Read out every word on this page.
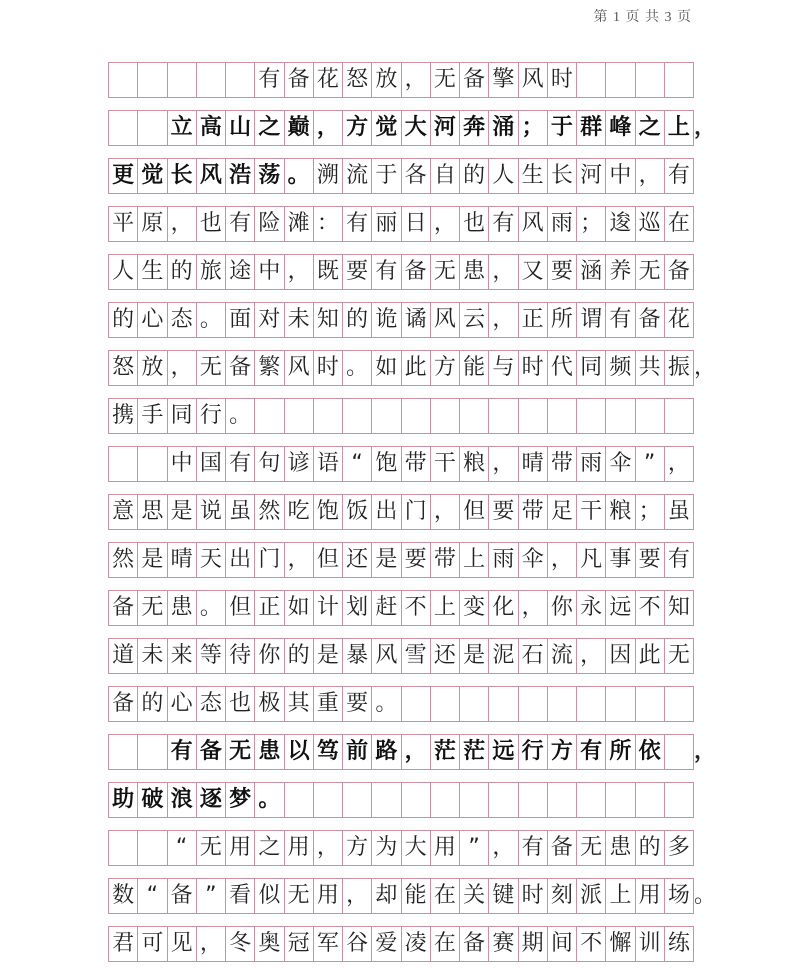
第 1 页 共 3 页
有 备 花 怒 放 ， 无 备 擎 风 时
立 高 山 之 巅 ， 方 觉 大 河 奔 涌 ； 于 群 峰 之 上 ，
更 觉 长 风 浩 荡 。 溯 流 于 各 自 的 人 生 长 河 中 ， 有
平 原 ， 也 有 险 滩 ： 有 丽 日 ， 也 有 风 雨 ； 逡 巡 在
人 生 的 旅 途 中 ， 既 要 有 备 无 患 ， 又 要 涵 养 无 备
的 心 态 。 面 对 未 知 的 诡 谲 风 云 ， 正 所 谓 有 备 花
怒 放 ， 无 备 繁 风 时 。 如 此 方 能 与 时 代 同 频 共 振 ，
携 手 同 行 。
中 国 有 句 谚 语 “ 饱 带 干 粮 ， 晴 带 雨 伞 ” ，
意 思 是 说 虽 然 吃 饱 饭 出 门 ， 但 要 带 足 干 粮 ； 虽
然 是 晴 天 出 门 ， 但 还 是 要 带 上 雨 伞 ， 凡 事 要 有
备 无 患 。 但 正 如 计 划 赶 不 上 变 化 ， 你 永 远 不 知
道 未 来 等 待 你 的 是 暴 风 雪 还 是 泥 石 流 ， 因 此 无
备 的 心 态 也 极 其 重 要 。
有 备 无 患 以 笃 前 路 ， 茫 茫 远 行 方 有 所 依 ，
助 破 浪 逐 梦 。
“ 无 用 之 用 ， 方 为 大 用 ” ， 有 备 无 患 的 多
数 “ 备 ” 看 似 无 用 ， 却 能 在 关 键 时 刻 派 上 用 场 。
君 可 见 ， 冬 奥 冠 军 谷 爱 凌 在 备 赛 期 间 不 懈 训 练
